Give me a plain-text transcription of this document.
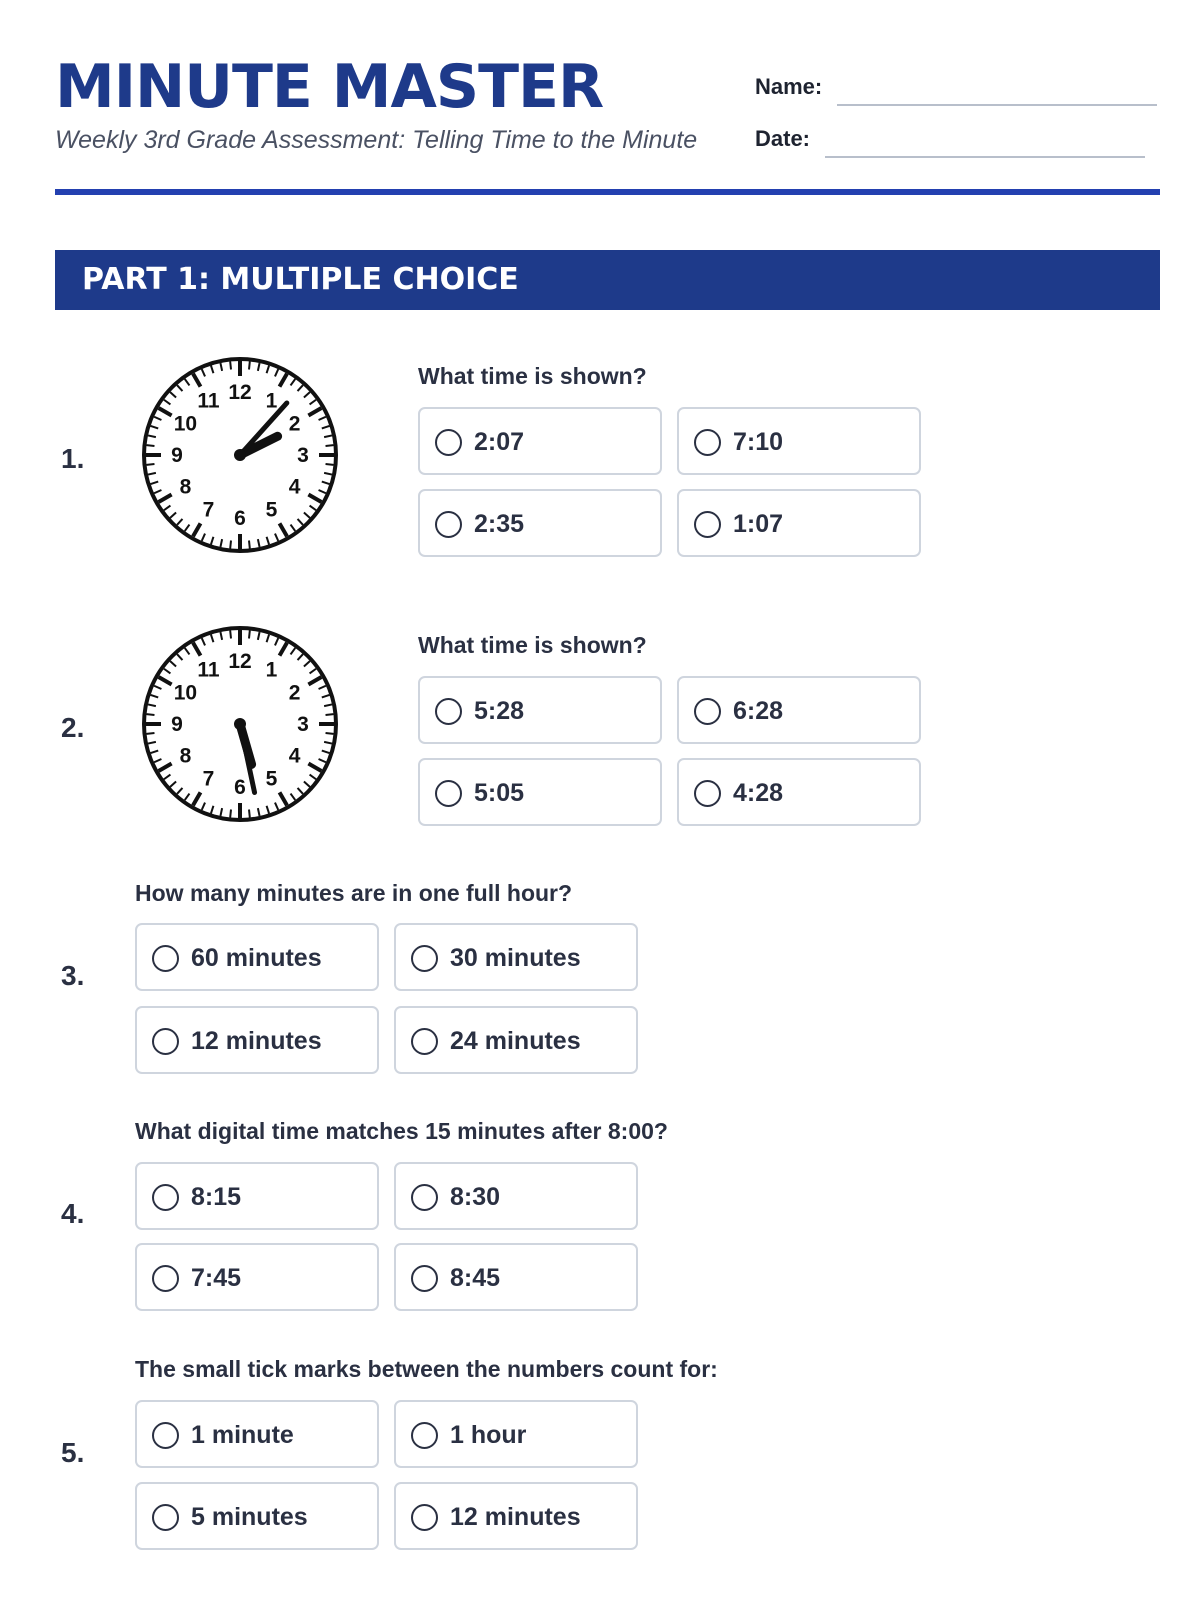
MINUTE MASTER
Weekly 3rd Grade Assessment: Telling Time to the Minute
Name:
Date:
PART 1: MULTIPLE CHOICE
1.
12 1
2
3
4
5
6
7
8
9
10
11
What time is shown?
2:07	7:10
2:35	1:07
2.
12 1
2
3
4
5
6
7
8
9
10
11
What time is shown?
5:28	6:28
5:05	4:28
3.
How many minutes are in one full hour?
60 minutes	30 minutes
12 minutes	24 minutes
4.
What digital time matches 15 minutes after 8:00?
8:15	8:30
7:45	8:45
5.
The small tick marks between the numbers count for:
1 minute	1 hour
5 minutes	12 minutes
